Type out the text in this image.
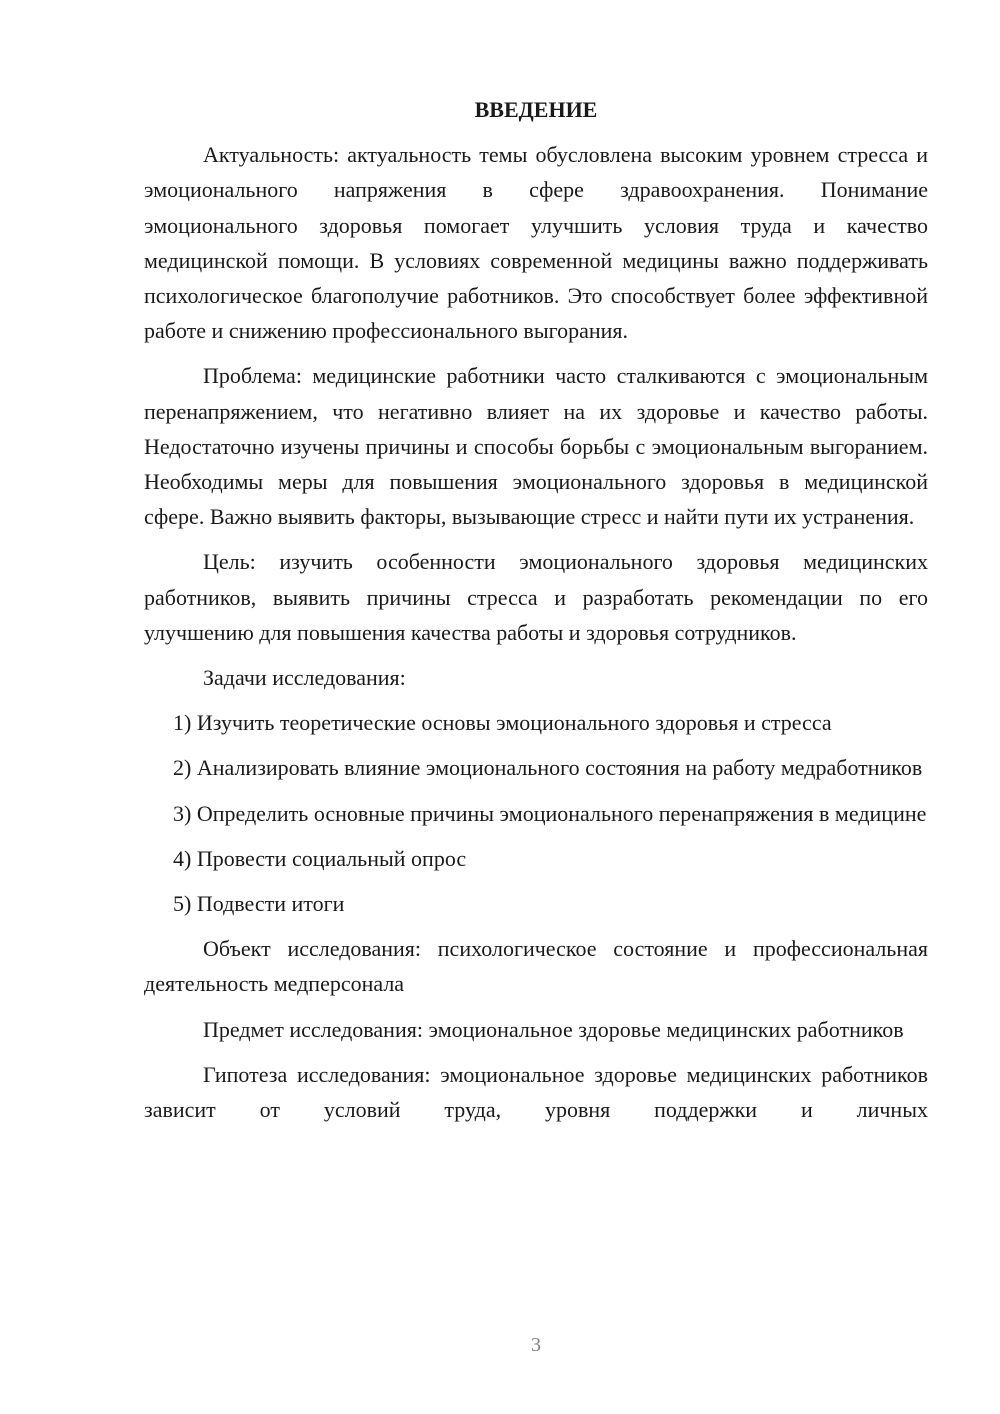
ВВЕДЕНИЕ

Актуальность: актуальность темы обусловлена высоким уровнем стресса и эмоционального напряжения в сфере здравоохранения. Понимание эмоционального здоровья помогает улучшить условия труда и качество медицинской помощи. В условиях современной медицины важно поддерживать психологическое благополучие работников. Это способствует более эффективной работе и снижению профессионального выгорания.

Проблема: медицинские работники часто сталкиваются с эмоциональным перенапряжением, что негативно влияет на их здоровье и качество работы. Недостаточно изучены причины и способы борьбы с эмоциональным выгоранием. Необходимы меры для повышения эмоционального здоровья в медицинской сфере. Важно выявить факторы, вызывающие стресс и найти пути их устранения.

Цель: изучить особенности эмоционального здоровья медицинских работников, выявить причины стресса и разработать рекомендации по его улучшению для повышения качества работы и здоровья сотрудников.

Задачи исследования:

1) Изучить теоретические основы эмоционального здоровья и стресса

2) Анализировать влияние эмоционального состояния на работу медработников

3) Определить основные причины эмоционального перенапряжения в медицине

4) Провести социальный опрос

5) Подвести итоги

Объект исследования: психологическое состояние и профессиональная деятельность медперсонала

Предмет исследования: эмоциональное здоровье медицинских работников

Гипотеза исследования: эмоциональное здоровье медицинских работников зависит от условий труда, уровня поддержки и личных

3
